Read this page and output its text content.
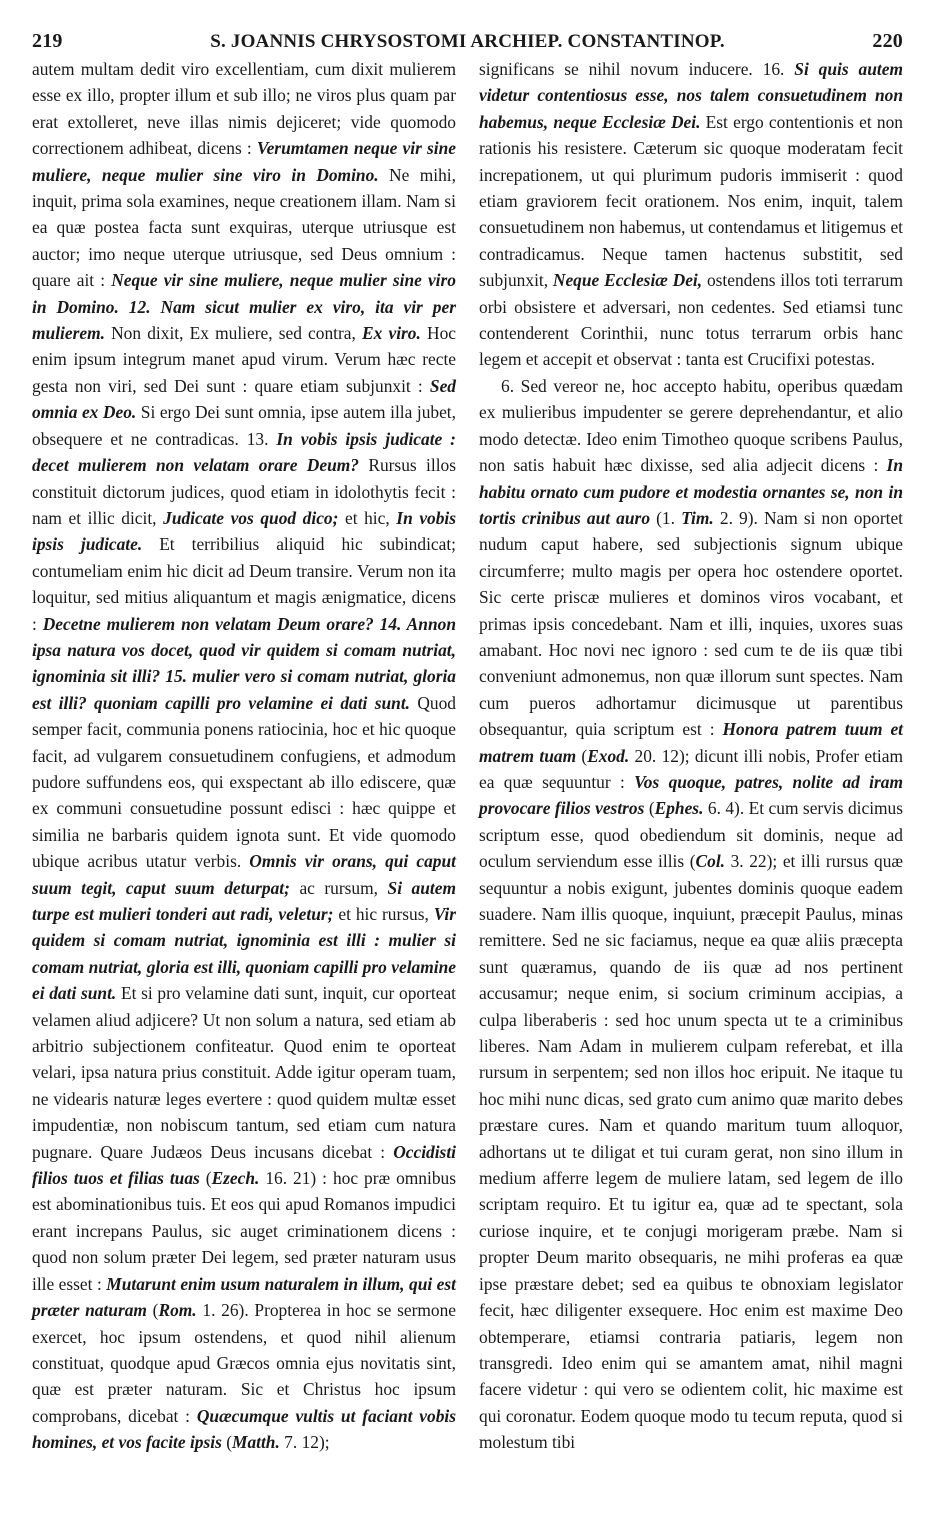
219	S. JOANNIS CHRYSOSTOMI ARCHIEP. CONSTANTINOP.	220

autem multam dedit viro excellentiam, cum dixit mulierem esse ex illo, propter illum et sub illo; ne viros plus quam par erat extolleret, neve illas nimis dejiceret; vide quomodo correctionem adhibeat, dicens : Verumtamen neque vir sine muliere, neque mulier sine viro in Domino. Ne mihi, inquit, prima sola examines, neque creationem illam. Nam si ea quæ postea facta sunt exquiras, uterque utriusque est auctor; imo neque uterque utriusque, sed Deus omnium : quare ait : Neque vir sine muliere, neque mulier sine viro in Domino. 12. Nam sicut mulier ex viro, ita vir per mulierem. Non dixit, Ex muliere, sed contra, Ex viro. Hoc enim ipsum integrum manet apud virum. Verum hæc recte gesta non viri, sed Dei sunt : quare etiam subjunxit : Sed omnia ex Deo. Si ergo Dei sunt omnia, ipse autem illa jubet, obsequere et ne contradicas. 13. In vobis ipsis judicate : decet mulierem non velatam orare Deum? Rursus illos constituit dictorum judices, quod etiam in idolothytis fecit : nam et illic dicit, Judicate vos quod dico; et hic, In vobis ipsis judicate. Et terribilius aliquid hic subindicat; contumeliam enim hic dicit ad Deum transire. Verum non ita loquitur, sed mitius aliquantum et magis ænigmatice, dicens : Decetne mulierem non velatam Deum orare? 14. Annon ipsa natura vos docet, quod vir quidem si comam nutriat, ignominia sit illi? 15. mulier vero si comam nutriat, gloria est illi? quoniam capilli pro velamine ei dati sunt. Quod semper facit, communia ponens ratiocinia, hoc et hic quoque facit, ad vulgarem consuetudinem confugiens, et admodum pudore suffundens eos, qui exspectant ab illo ediscere, quæ ex communi consuetudine possunt edisci : hæc quippe et similia ne barbaris quidem ignota sunt. Et vide quomodo ubique acribus utatur verbis. Omnis vir orans, qui caput suum tegit, caput suum deturpat; ac rursum, Si autem turpe est mulieri tonderi aut radi, veletur; et hic rursus, Vir quidem si comam nutriat, ignominia est illi : mulier si comam nutriat, gloria est illi, quoniam capilli pro velamine ei dati sunt. Et si pro velamine dati sunt, inquit, cur oporteat velamen aliud adjicere? Ut non solum a natura, sed etiam ab arbitrio subjectionem confiteatur. Quod enim te oporteat velari, ipsa natura prius constituit. Adde igitur operam tuam, ne videaris naturæ leges evertere : quod quidem multæ esset impudentiæ, non nobiscum tantum, sed etiam cum natura pugnare. Quare Judæos Deus incusans dicebat : Occidisti filios tuos et filias tuas (Ezech. 16. 21) : hoc præ omnibus est abominationibus tuis. Et eos qui apud Romanos impudici erant increpans Paulus, sic auget criminationem dicens : quod non solum præter Dei legem, sed præter naturam usus ille esset : Mutarunt enim usum naturalem in illum, qui est præter naturam (Rom. 1. 26). Propterea in hoc se sermone exercet, hoc ipsum ostendens, et quod nihil alienum constituat, quodque apud Græcos omnia ejus novitatis sint, quæ est præter naturam. Sic et Christus hoc ipsum comprobans, dicebat : Quæcumque vultis ut faciant vobis homines, et vos facite ipsis (Matth. 7. 12);

significans se nihil novum inducere. 16. Si quis autem videtur contentiosus esse, nos talem consuetudinem non habemus, neque Ecclesiæ Dei. Est ergo contentionis et non rationis his resistere. Cæterum sic quoque moderatam fecit increpationem, ut qui plurimum pudoris immiserit : quod etiam graviorem fecit orationem. Nos enim, inquit, talem consuetudinem non habemus, ut contendamus et litigemus et contradicamus. Neque tamen hactenus substitit, sed subjunxit, Neque Ecclesiæ Dei, ostendens illos toti terrarum orbi obsistere et adversari, non cedentes. Sed etiamsi tunc contenderent Corinthii, nunc totus terrarum orbis hanc legem et accepit et observat : tanta est Crucifixi potestas.

6. Sed vereor ne, hoc accepto habitu, operibus quædam ex mulieribus impudenter se gerere deprehendantur, et alio modo detectæ. Ideo enim Timotheo quoque scribens Paulus, non satis habuit hæc dixisse, sed alia adjecit dicens : In habitu ornato cum pudore et modestia ornantes se, non in tortis crinibus aut auro (1. Tim. 2. 9). Nam si non oportet nudum caput habere, sed subjectionis signum ubique circumferre; multo magis per opera hoc ostendere oportet. Sic certe priscæ mulieres et dominos viros vocabant, et primas ipsis concedebant. Nam et illi, inquies, uxores suas amabant. Hoc novi nec ignoro : sed cum te de iis quæ tibi conveniunt admonemus, non quæ illorum sunt spectes. Nam cum pueros adhortamur dicimusque ut parentibus obsequantur, quia scriptum est : Honora patrem tuum et matrem tuam (Exod. 20. 12); dicunt illi nobis, Profer etiam ea quæ sequuntur : Vos quoque, patres, nolite ad iram provocare filios vestros (Ephes. 6. 4). Et cum servis dicimus scriptum esse, quod obediendum sit dominis, neque ad oculum serviendum esse illis (Col. 3. 22); et illi rursus quæ sequuntur a nobis exigunt, jubentes dominis quoque eadem suadere. Nam illis quoque, inquiunt, præcepit Paulus, minas remittere. Sed ne sic faciamus, neque ea quæ aliis præcepta sunt quæramus, quando de iis quæ ad nos pertinent accusamur; neque enim, si socium criminum accipias, a culpa liberaberis : sed hoc unum specta ut te a criminibus liberes. Nam Adam in mulierem culpam referebat, et illa rursum in serpentem; sed non illos hoc eripuit. Ne itaque tu hoc mihi nunc dicas, sed grato cum animo quæ marito debes præstare cures. Nam et quando maritum tuum alloquor, adhortans ut te diligat et tui curam gerat, non sino illum in medium afferre legem de muliere latam, sed legem de illo scriptam requiro. Et tu igitur ea, quæ ad te spectant, sola curiose inquire, et te conjugi morigeram præbe. Nam si propter Deum marito obsequaris, ne mihi proferas ea quæ ipse præstare debet; sed ea quibus te obnoxiam legislator fecit, hæc diligenter exsequere. Hoc enim est maxime Deo obtemperare, etiamsi contraria patiaris, legem non transgredi. Ideo enim qui se amantem amat, nihil magni facere videtur : qui vero se odientem colit, hic maxime est qui coronatur. Eodem quoque modo tu tecum reputa, quod si molestum tibi
